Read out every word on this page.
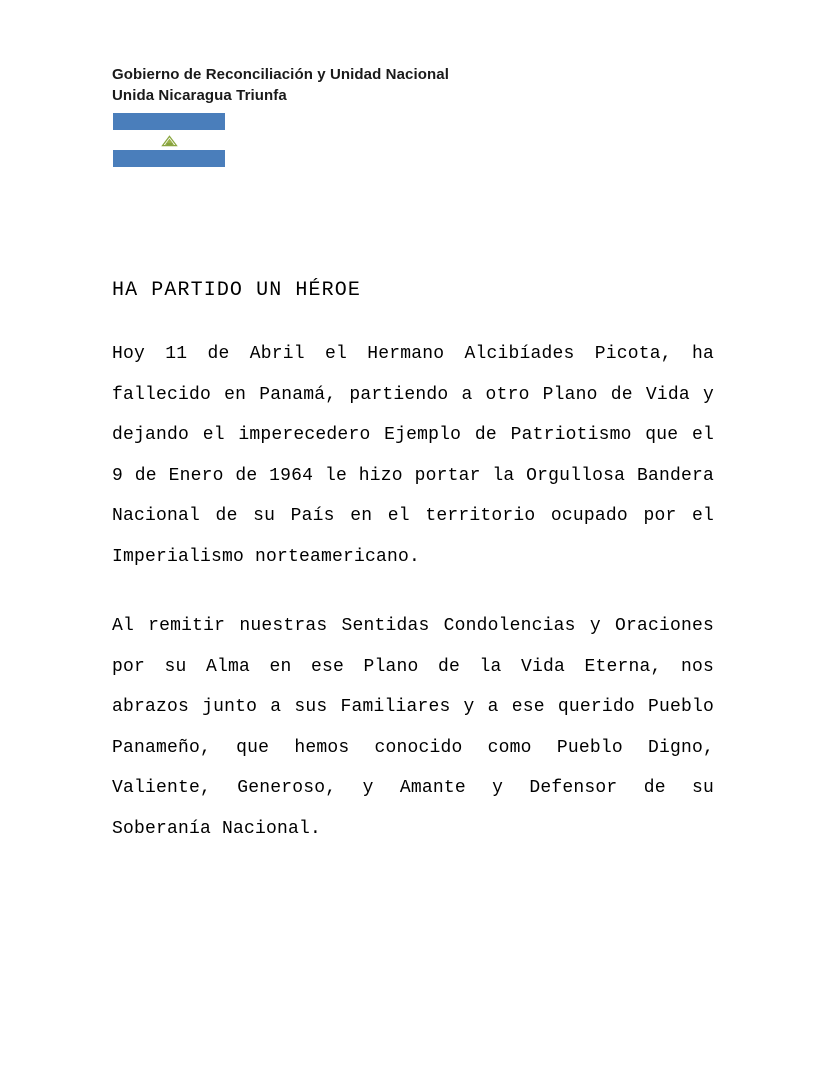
Gobierno de Reconciliación y Unidad Nacional
Unida Nicaragua Triunfa
HA PARTIDO UN HÉROE

Hoy 11 de Abril el Hermano Alcibíades Picota, ha fallecido en Panamá, partiendo a otro Plano de Vida y dejando el imperecedero Ejemplo de Patriotismo que el 9 de Enero de 1964 le hizo portar la Orgullosa Bandera Nacional de su País en el territorio ocupado por el Imperialismo norteamericano.

Al remitir nuestras Sentidas Condolencias y Oraciones por su Alma en ese Plano de la Vida Eterna, nos abrazos junto a sus Familiares y a ese querido Pueblo Panameño, que hemos conocido como Pueblo Digno, Valiente, Generoso, y Amante y Defensor de su Soberanía Nacional.
